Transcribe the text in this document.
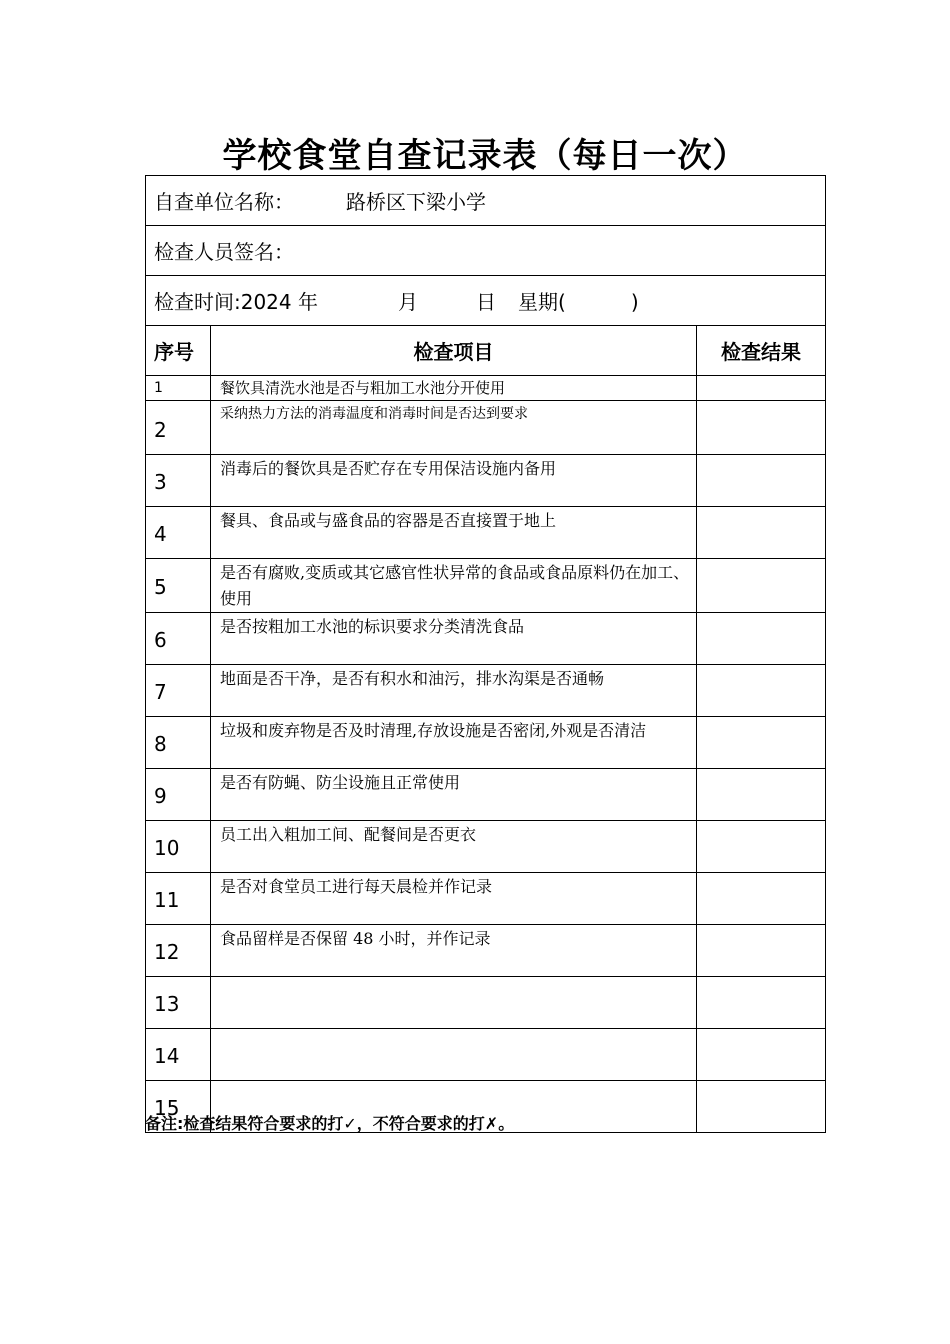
学校食堂自查记录表（每日一次）
自查单位名称： 路桥区下梁小学		
检查人员签名：		
检查时间:2024 年 月 日 星期( )		
序号	检查项目	检查结果
1	餐饮具清洗水池是否与粗加工水池分开使用	
2	采纳热力方法的消毒温度和消毒时间是否达到要求	
3	消毒后的餐饮具是否贮存在专用保洁设施内备用	
4	餐具、食品或与盛食品的容器是否直接置于地上	
5	是否有腐败,变质或其它感官性状异常的食品或食品原料仍在加工、使用	
6	是否按粗加工水池的标识要求分类清洗食品	
7	地面是否干净，是否有积水和油污，排水沟渠是否通畅	
8	垃圾和废弃物是否及时清理,存放设施是否密闭,外观是否清洁	
9	是否有防蝇、防尘设施且正常使用	
10	员工出入粗加工间、配餐间是否更衣	
11	是否对食堂员工进行每天晨检并作记录	
12	食品留样是否保留 48 小时，并作记录	
13		
14		
15		
备注:检查结果符合要求的打✓，不符合要求的打✗。
